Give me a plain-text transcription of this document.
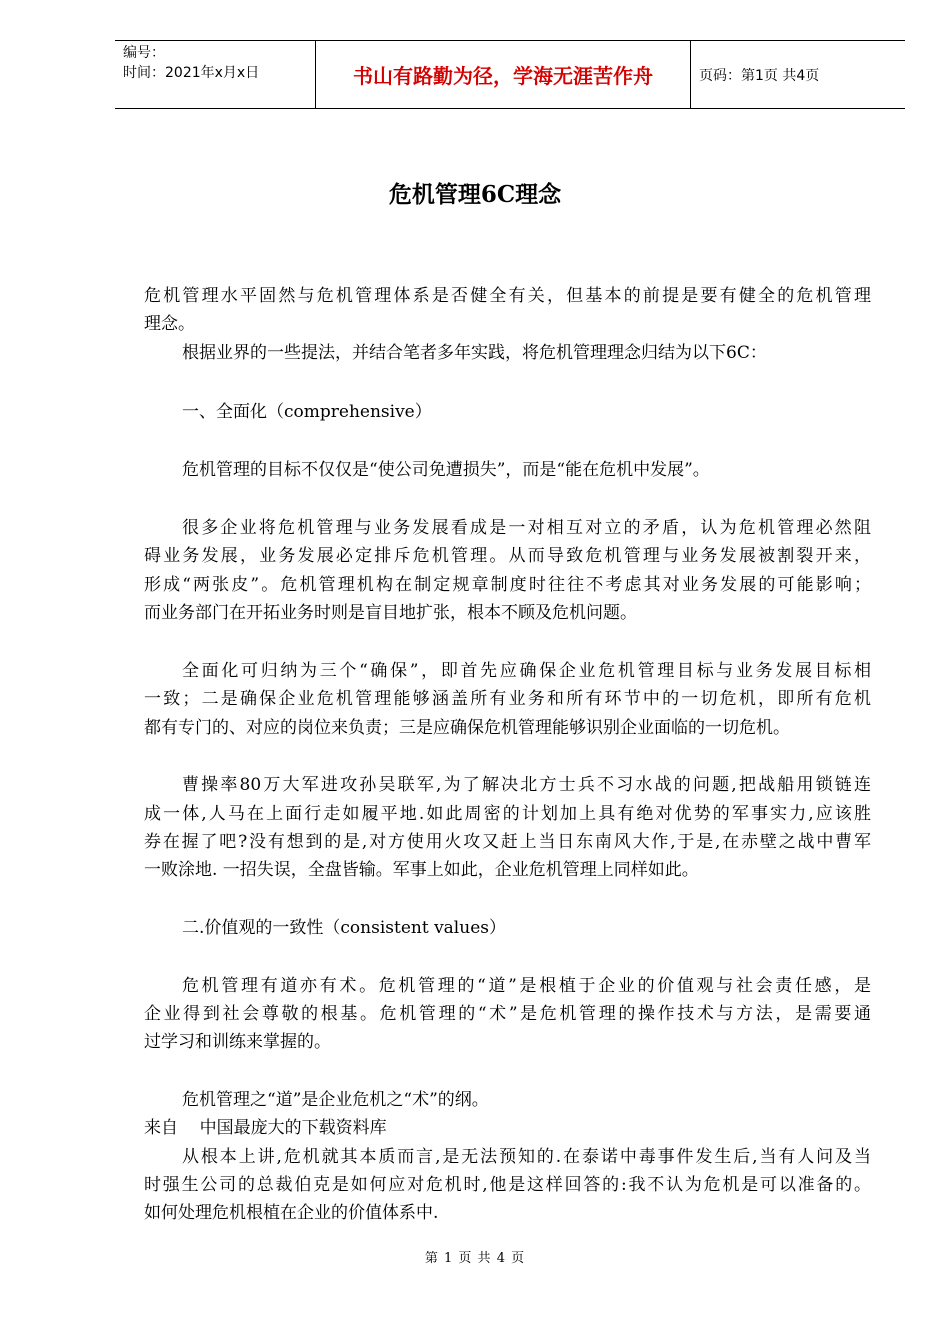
编号：
时间：2021年x月x日	书山有路勤为径，学海无涯苦作舟	页码：第1页 共4页
危机管理6C理念
危机管理水平固然与危机管理体系是否健全有关，但基本的前提是要有健全的危机管理
理念。
根据业界的一些提法，并结合笔者多年实践，将危机管理理念归结为以下6C：
一、全面化（comprehensive）
危机管理的目标不仅仅是“使公司免遭损失”，而是“能在危机中发展”。
很多企业将危机管理与业务发展看成是一对相互对立的矛盾，认为危机管理必然阻
碍业务发展，业务发展必定排斥危机管理。从而导致危机管理与业务发展被割裂开来，
形成“两张皮”。危机管理机构在制定规章制度时往往不考虑其对业务发展的可能影响；
而业务部门在开拓业务时则是盲目地扩张，根本不顾及危机问题。
全面化可归纳为三个“确保”，即首先应确保企业危机管理目标与业务发展目标相
一致；二是确保企业危机管理能够涵盖所有业务和所有环节中的一切危机，即所有危机
都有专门的、对应的岗位来负责；三是应确保危机管理能够识别企业面临的一切危机。
曹操率80万大军进攻孙吴联军,为了解决北方士兵不习水战的问题,把战船用锁链连
成一体,人马在上面行走如履平地.如此周密的计划加上具有绝对优势的军事实力,应该胜
券在握了吧?没有想到的是,对方使用火攻又赶上当日东南风大作,于是,在赤壁之战中曹军
一败涂地. 一招失误，全盘皆输。军事上如此，企业危机管理上同样如此。
二.价值观的一致性（consistent values）
危机管理有道亦有术。危机管理的“道”是根植于企业的价值观与社会责任感，是
企业得到社会尊敬的根基。危机管理的“术”是危机管理的操作技术与方法，是需要通
过学习和训练来掌握的。
危机管理之“道”是企业危机之“术”的纲。
来自    中国最庞大的下载资料库
从根本上讲,危机就其本质而言,是无法预知的.在泰诺中毒事件发生后,当有人问及当
时强生公司的总裁伯克是如何应对危机时,他是这样回答的:我不认为危机是可以准备的。
如何处理危机根植在企业的价值体系中.
第 1 页 共 4 页
